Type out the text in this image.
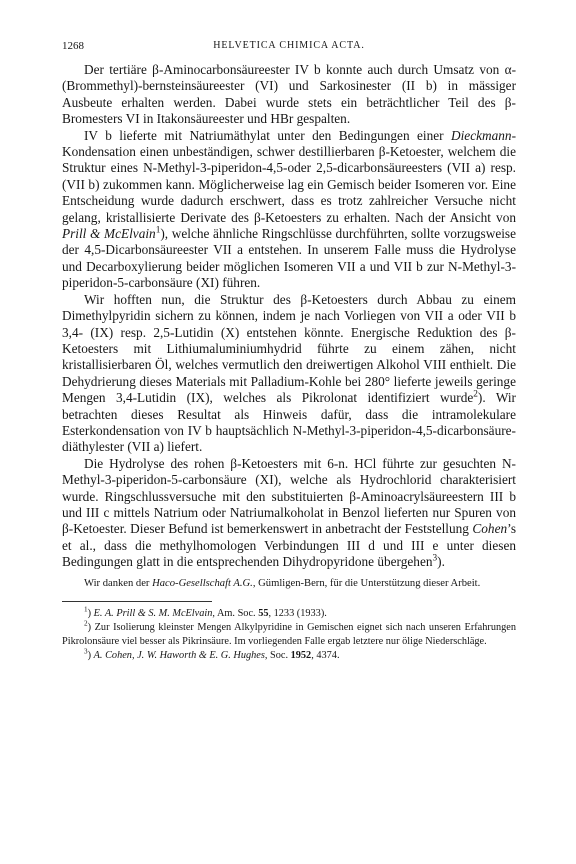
1268	HELVETICA CHIMICA ACTA.

Der tertiäre β-Aminocarbonsäureester IV b konnte auch durch Umsatz von α-(Brommethyl)-bernsteinsäureester (VI) und Sarkosinester (II b) in mässiger Ausbeute erhalten werden. Dabei wurde stets ein beträchtlicher Teil des β-Bromesters VI in Itakonsäureester und HBr gespalten.

IV b lieferte mit Natriumäthylat unter den Bedingungen einer Dieckmann-Kondensation einen unbeständigen, schwer destillierbaren β-Ketoester, welchem die Struktur eines N-Methyl-3-piperidon-4,5-oder 2,5-dicarbonsäureesters (VII a) resp. (VII b) zukommen kann. Möglicherweise lag ein Gemisch beider Isomeren vor. Eine Entscheidung wurde dadurch erschwert, dass es trotz zahlreicher Versuche nicht gelang, kristallisierte Derivate des β-Ketoesters zu erhalten. Nach der Ansicht von Prill & McElvain$^1$), welche ähnliche Ringschlüsse durchführten, sollte vorzugsweise der 4,5-Dicarbonsäureester VII a entstehen. In unserem Falle muss die Hydrolyse und Decarboxylierung beider möglichen Isomeren VII a und VII b zur N-Methyl-3-piperidon-5-carbonsäure (XI) führen.

Wir hofften nun, die Struktur des β-Ketoesters durch Abbau zu einem Dimethylpyridin sichern zu können, indem je nach Vorliegen von VII a oder VII b 3,4- (IX) resp. 2,5-Lutidin (X) entstehen könnte. Energische Reduktion des β-Ketoesters mit Lithiumaluminiumhydrid führte zu einem zähen, nicht kristallisierbaren Öl, welches vermutlich den dreiwertigen Alkohol VIII enthielt. Die Dehydrierung dieses Materials mit Palladium-Kohle bei 280° lieferte jeweils geringe Mengen 3,4-Lutidin (IX), welches als Pikrolonat identifiziert wurde$^2$). Wir betrachten dieses Resultat als Hinweis dafür, dass die intramolekulare Esterkondensation von IV b hauptsächlich N-Methyl-3-piperidon-4,5-dicarbonsäure-diäthylester (VII a) liefert.

Die Hydrolyse des rohen β-Ketoesters mit 6-n. HCl führte zur gesuchten N-Methyl-3-piperidon-5-carbonsäure (XI), welche als Hydrochlorid charakterisiert wurde. Ringschlussversuche mit den substituierten β-Aminoacrylsäureestern III b und III c mittels Natrium oder Natriumalkoholat in Benzol lieferten nur Spuren von β-Ketoester. Dieser Befund ist bemerkenswert in anbetracht der Feststellung Cohen’s et al., dass die methylhomologen Verbindungen III d und III e unter diesen Bedingungen glatt in die entsprechenden Dihydropyridone übergehen$^3$).

Wir danken der Haco-Gesellschaft A.G., Gümligen-Bern, für die Unterstützung dieser Arbeit.

$^1$) E. A. Prill & S. M. McElvain, Am. Soc. 55, 1233 (1933).

$^2$) Zur Isolierung kleinster Mengen Alkylpyridine in Gemischen eignet sich nach unseren Erfahrungen Pikrolonsäure viel besser als Pikrinsäure. Im vorliegenden Falle ergab letztere nur ölige Niederschläge.

$^3$) A. Cohen, J. W. Haworth & E. G. Hughes, Soc. 1952, 4374.
